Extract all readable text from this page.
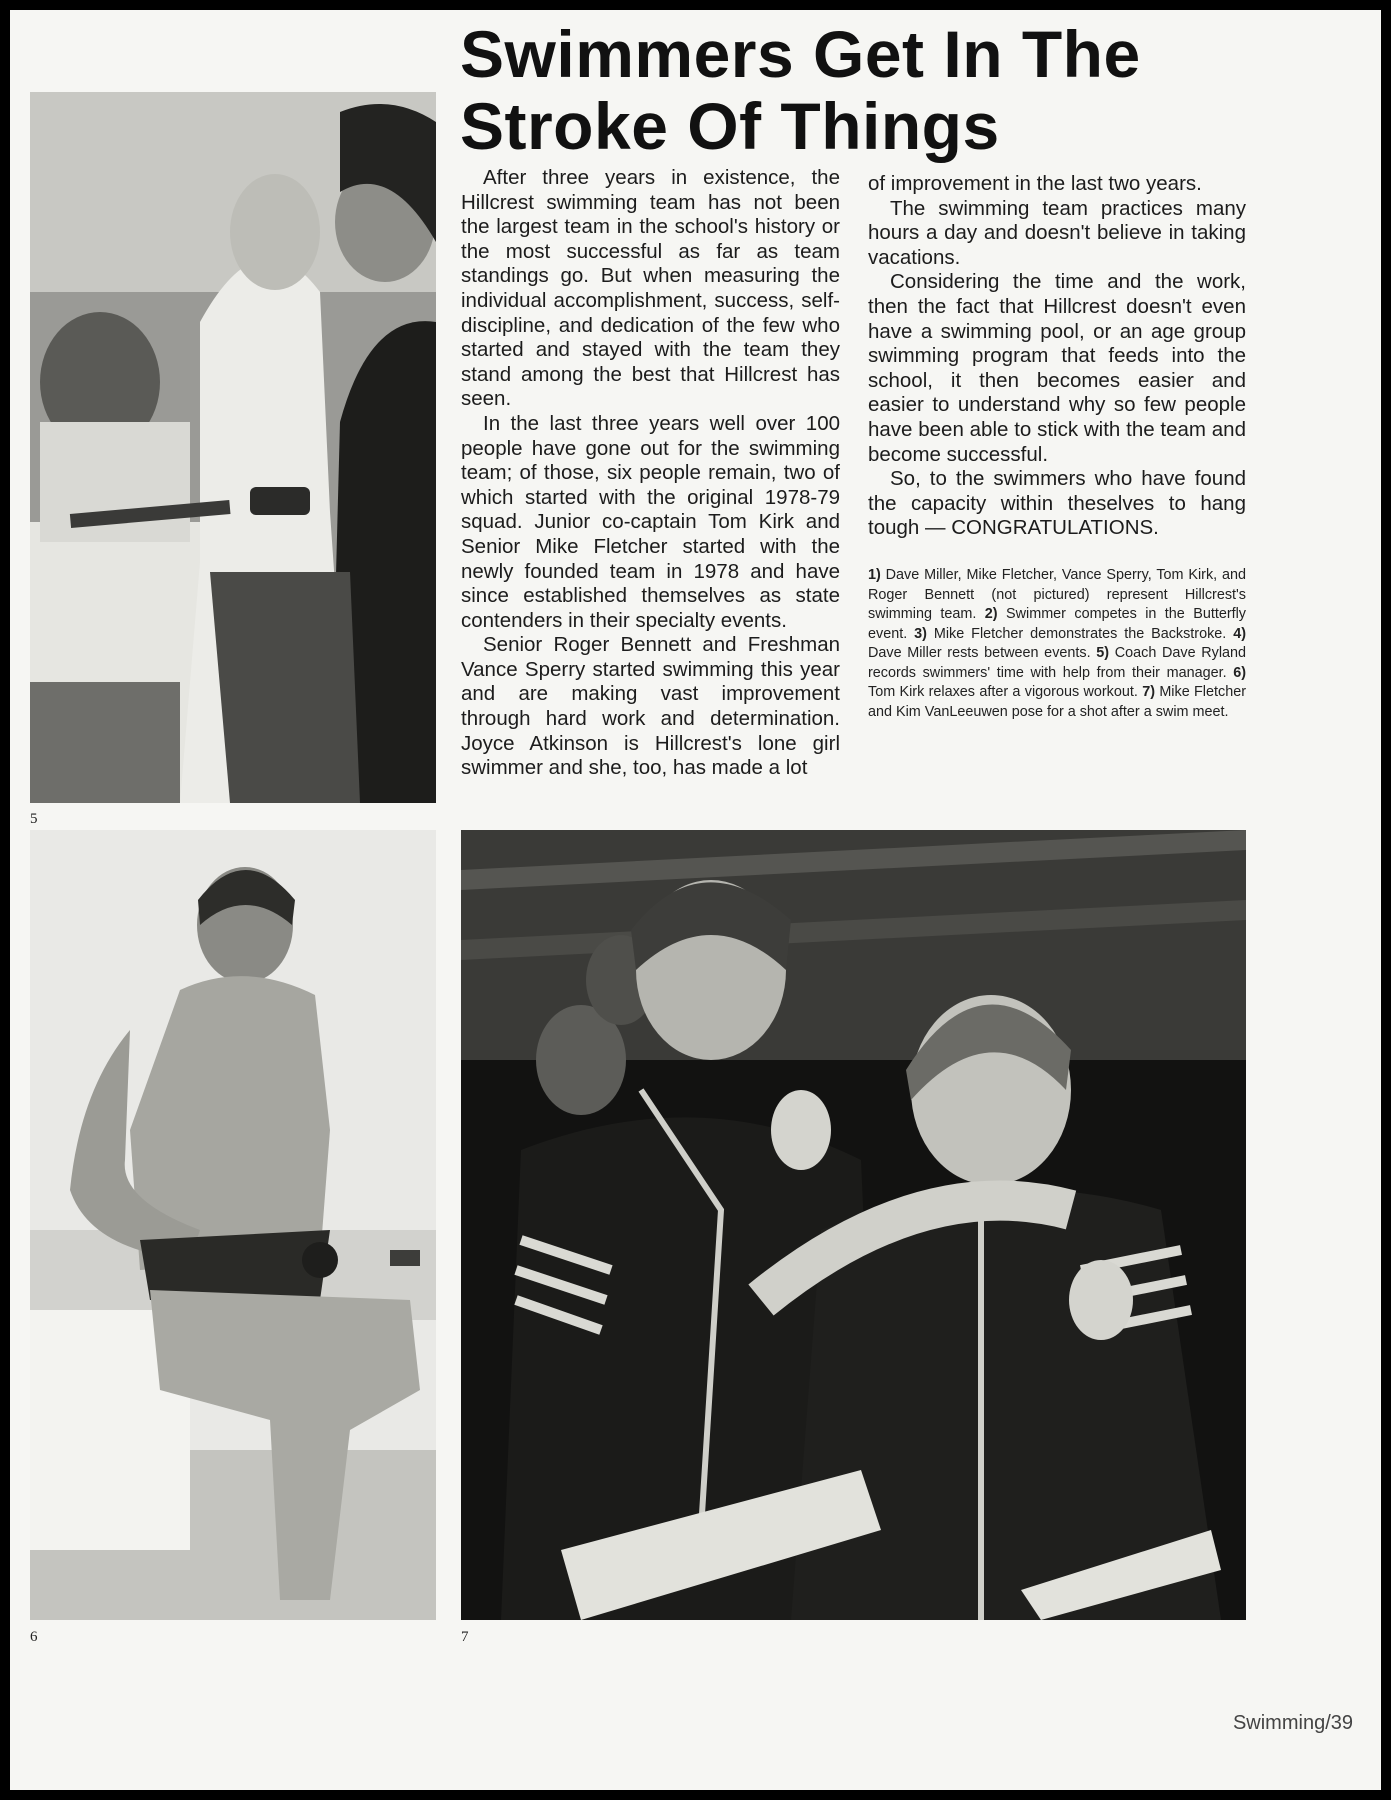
Swimmers Get In The Stroke Of Things
5
6	7

After three years in existence, the Hillcrest swimming team has not been the largest team in the school's history or the most successful as far as team standings go. But when measuring the individual accomplishment, success, self-discipline, and dedication of the few who started and stayed with the team they stand among the best that Hillcrest has seen.

In the last three years well over 100 people have gone out for the swimming team; of those, six people remain, two of which started with the original 1978-79 squad. Junior co-captain Tom Kirk and Senior Mike Fletcher started with the newly founded team in 1978 and have since established themselves as state contenders in their specialty events.

Senior Roger Bennett and Freshman Vance Sperry started swimming this year and are making vast improvement through hard work and determination. Joyce Atkinson is Hillcrest's lone girl swimmer and she, too, has made a lot

of improvement in the last two years.

The swimming team practices many hours a day and doesn't believe in taking vacations.

Considering the time and the work, then the fact that Hillcrest doesn't even have a swimming pool, or an age group swimming program that feeds into the school, it then becomes easier and easier to understand why so few people have been able to stick with the team and become successful.

So, to the swimmers who have found the capacity within theselves to hang tough — CONGRATULATIONS.

1) Dave Miller, Mike Fletcher, Vance Sperry, Tom Kirk, and Roger Bennett (not pictured) represent Hillcrest's swimming team. 2) Swimmer competes in the Butterfly event. 3) Mike Fletcher demonstrates the Backstroke. 4) Dave Miller rests between events. 5) Coach Dave Ryland records swimmers' time with help from their manager. 6) Tom Kirk relaxes after a vigorous workout. 7) Mike Fletcher and Kim VanLeeuwen pose for a shot after a swim meet.

Swimming/39
